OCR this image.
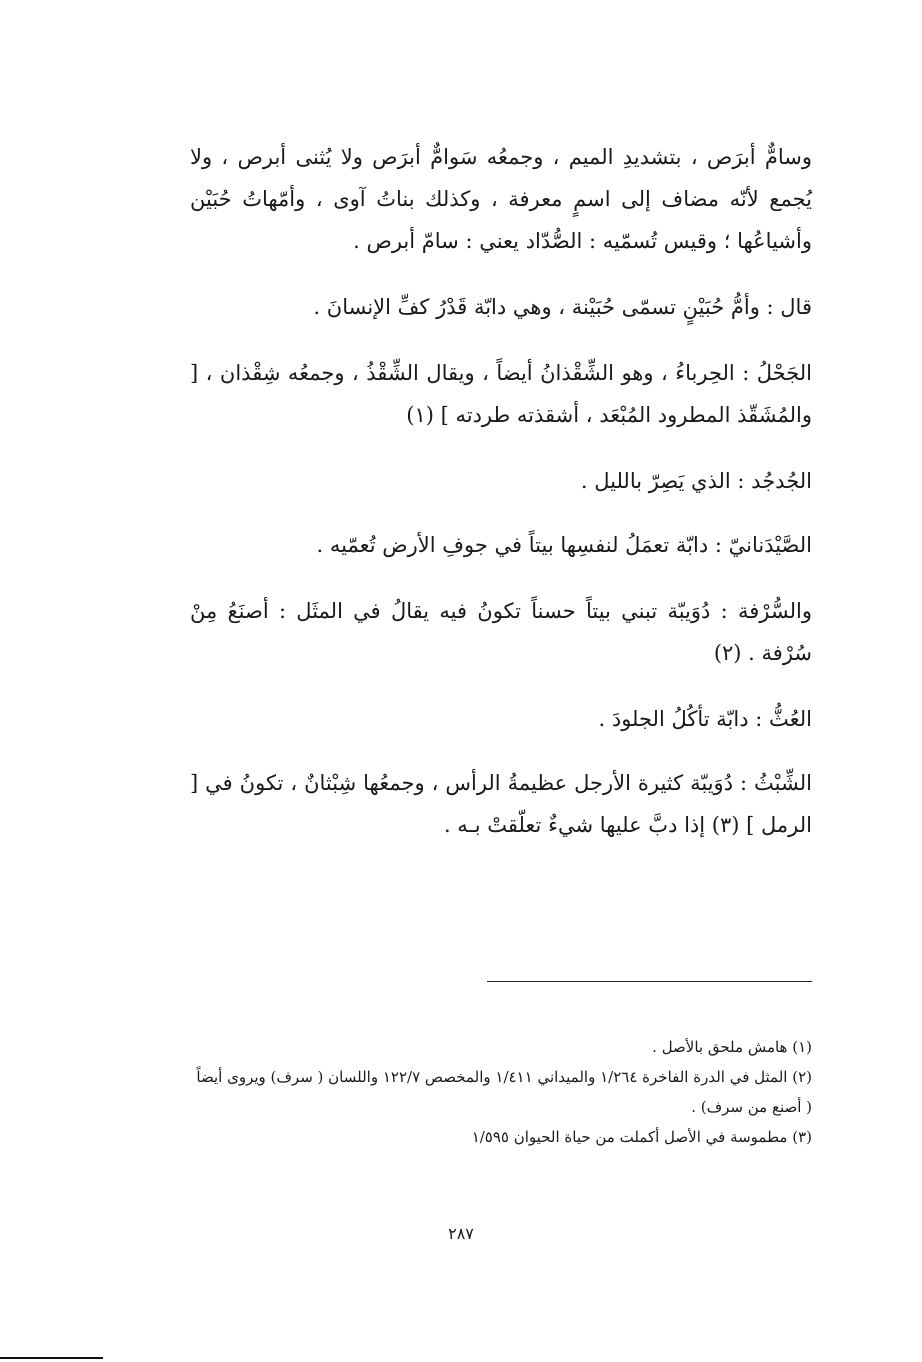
وسامٌّ أبرَص ، بتشديدِ الميم ، وجمعُه سَوامٌّ أبرَص ولا يُثنى أبرص ، ولا يُجمع لأنّه مضاف إلى اسمٍ معرفة ، وكذلك بناتُ آوى ، وأمّهاتُ حُبَيْن وأشياعُها ؛ وقيس تُسمّيه : الصُّدّاد يعني : سامّ أبرص .

قال : وأمُّ حُبَيْنٍ تسمّى حُبَيْنة ، وهي دابّة قَدْرُ كفِّ الإنسانَ .

الجَحْلُ : الحِرباءُ ، وهو الشِّقْذانُ أيضاً ، ويقال الشِّقْذُ ، وجمعُه شِقْذان ، [ والمُشَقّذ المطرود المُبْعَد ، أشقذته طردته ] (١)

الجُدجُد : الذي يَصِرّ بالليل .

الصَّيْدَنانيّ : دابّة تعمَلُ لنفسِها بيتاً في جوفِ الأرض تُعمّيه .

والسُّرْفة : دُوَيبّة تبني بيتاً حسناً تكونُ فيه يقالُ في المثَل : أصنَعُ مِنْ سُرْفة . (٢)

العُثُّ : دابّة تأكُلُ الجلودَ .

الشِّبْثُ : دُوَيبّة كثيرة الأرجل عظيمةُ الرأس ، وجمعُها شِبْثانٌ ، تكونُ في [ الرمل ] (٣) إذا دبَّ عليها شيءٌ تعلّقتْ بـه .

(١) هامش ملحق بالأصل .

(٢) المثل في الدرة الفاخرة ١/٢٦٤ والميداني ١/٤١١ والمخصص ١٢٢/٧ واللسان ( سرف) ويروى أيضاً ( أصنع من سرف) .

(٣) مطموسة في الأصل أكملت من حياة الحيوان ١/٥٩٥

٢٨٧
